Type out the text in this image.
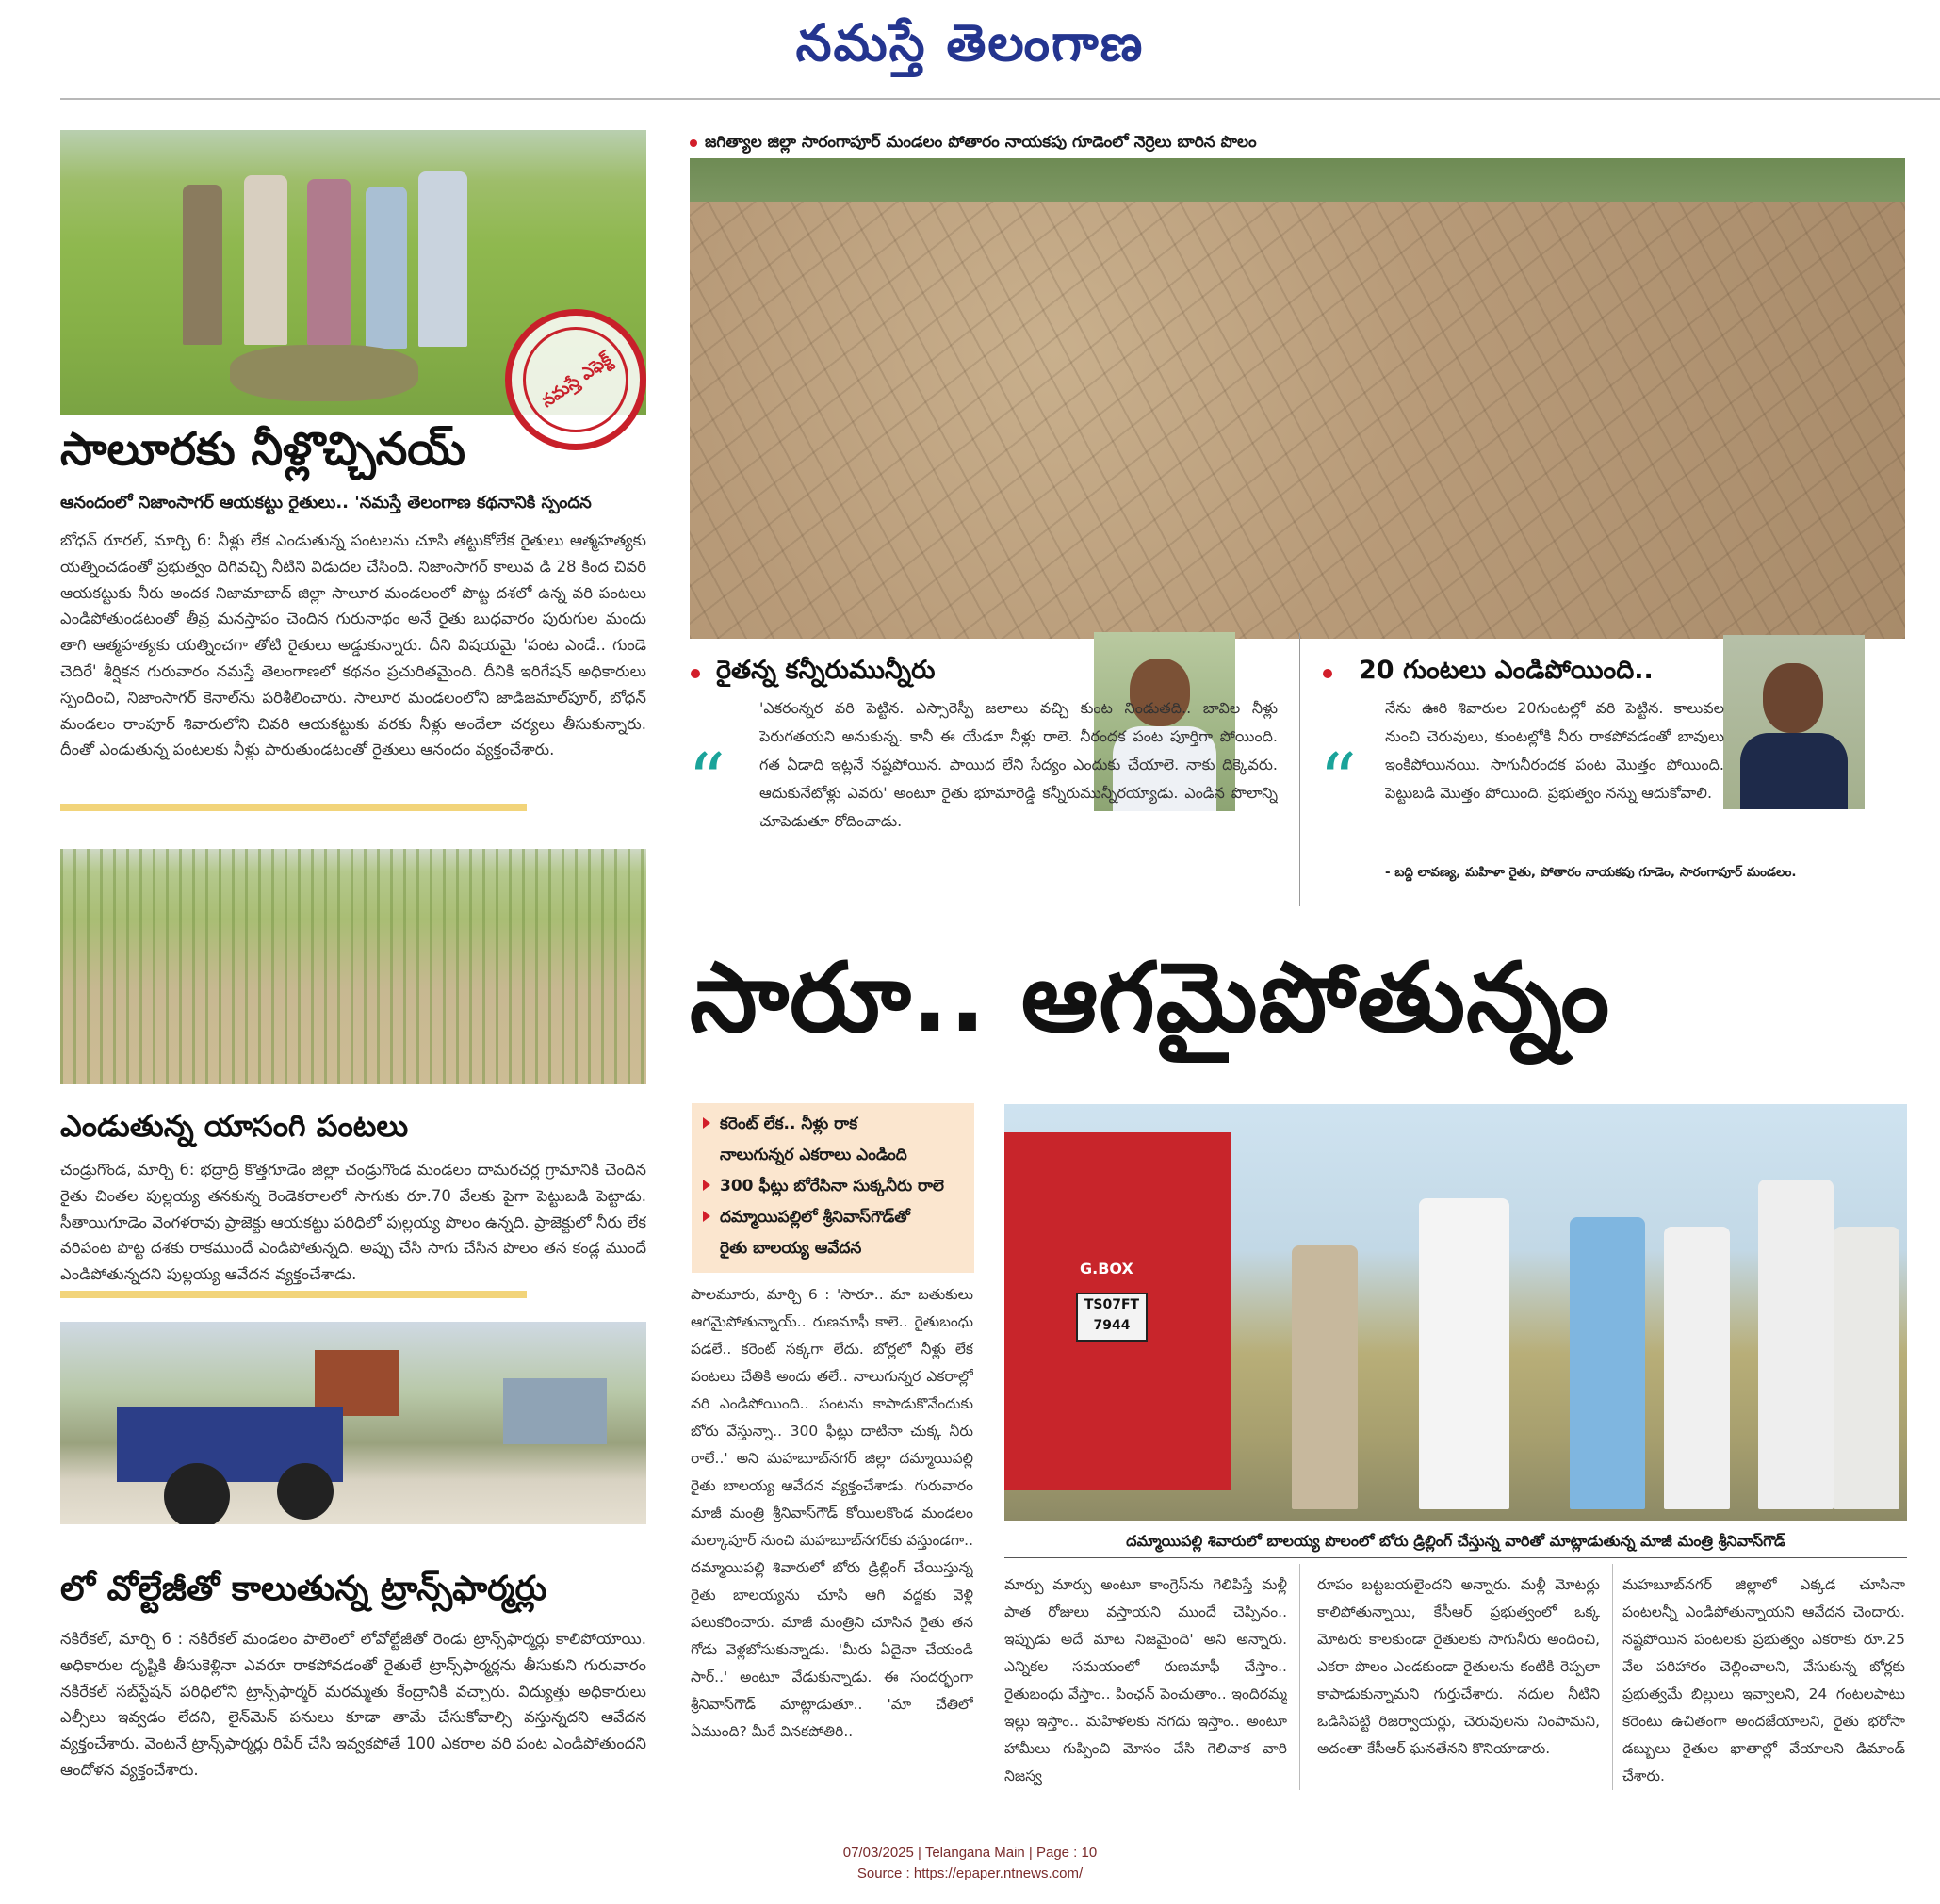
నమస్తే తెలంగాణ
నమస్తే ఎఫెక్ట్
సాలూరకు నీళ్లొచ్చినయ్
ఆనందంలో నిజాంసాగర్ ఆయకట్టు రైతులు.. 'నమస్తే తెలంగాణ కథనానికి స్పందన
బోధన్ రూరల్, మార్చి 6: నీళ్లు లేక ఎండుతున్న పంటలను చూసి తట్టుకోలేక రైతులు ఆత్మహత్యకు యత్నించడంతో ప్రభుత్వం దిగివచ్చి నీటిని విడుదల చేసింది. నిజాంసాగర్ కాలువ డి 28 కింద చివరి ఆయకట్టుకు నీరు అందక నిజామాబాద్ జిల్లా సాలూర మండలంలో పొట్ట దశలో ఉన్న వరి పంటలు ఎండిపోతుండటంతో తీవ్ర మనస్తాపం చెందిన గురునాథం అనే రైతు బుధవారం పురుగుల మందు తాగి ఆత్మహత్యకు యత్నించగా తోటి రైతులు అడ్డుకున్నారు. దీని విషయమై 'పంట ఎండే.. గుండె చెదిరే' శీర్షికన గురువారం నమస్తే తెలంగాణలో కథనం ప్రచురితమైంది. దీనికి ఇరిగేషన్ అధికారులు స్పందించి, నిజాంసాగర్ కెనాల్‌ను పరిశీలించారు. సాలూర మండలంలోని జాడిజమాల్‌పూర్, బోధన్ మండలం రాంపూర్ శివారులోని చివరి ఆయకట్టుకు వరకు నీళ్లు అందేలా చర్యలు తీసుకున్నారు. దీంతో ఎండుతున్న పంటలకు నీళ్లు పారుతుండటంతో రైతులు ఆనందం వ్యక్తంచేశారు.
ఎండుతున్న యాసంగి పంటలు
చండ్రుగొండ, మార్చి 6: భద్రాద్రి కొత్తగూడెం జిల్లా చండ్రుగొండ మండలం దామరచర్ల గ్రామానికి చెందిన రైతు చింతల పుల్లయ్య తనకున్న రెండెకరాలలో సాగుకు రూ.70 వేలకు పైగా పెట్టుబడి పెట్టాడు. సీతాయిగూడెం వెంగళరావు ప్రాజెక్టు ఆయకట్టు పరిధిలో పుల్లయ్య పొలం ఉన్నది. ప్రాజెక్టులో నీరు లేక వరిపంట పొట్ట దశకు రాకముందే ఎండిపోతున్నది. అప్పు చేసి సాగు చేసిన పొలం తన కండ్ల ముందే ఎండిపోతున్నదని పుల్లయ్య ఆవేదన వ్యక్తంచేశాడు.
లో వోల్టేజీతో కాలుతున్న ట్రాన్స్‌ఫార్మర్లు
నకిరేకల్, మార్చి 6 : నకిరేకల్ మండలం పాలెంలో లోవోల్టేజీతో రెండు ట్రాన్స్‌ఫార్మర్లు కాలిపోయాయి. అధికారుల దృష్టికి తీసుకెళ్లినా ఎవరూ రాకపోవడంతో రైతులే ట్రాన్స్‌ఫార్మర్లను తీసుకుని గురువారం నకిరేకల్ సబ్‌స్టేషన్ పరిధిలోని ట్రాన్స్‌ఫార్మర్ మరమ్మతు కేంద్రానికి వచ్చారు. విద్యుత్తు అధికారులు ఎల్సీలు ఇవ్వడం లేదని, లైన్‌మెన్ పనులు కూడా తామే చేసుకోవాల్సి వస్తున్నదని ఆవేదన వ్యక్తంచేశారు. వెంటనే ట్రాన్స్‌ఫార్మర్లు రిపేర్ చేసి ఇవ్వకపోతే 100 ఎకరాల వరి పంట ఎండిపోతుందని ఆందోళన వ్యక్తంచేశారు.
జగిత్యాల జిల్లా సారంగాపూర్ మండలం పోతారం నాయకపు గూడెంలో నెర్రెలు బారిన పొలం
రైతన్న కన్నీరుమున్నీరు
“
'ఎకరంన్నర వరి పెట్టిన. ఎస్సారెస్పీ జలాలు వచ్చి కుంట నిండుతది.. బావిల నీళ్లు పెరుగతయని అనుకున్న. కానీ ఈ యేడూ నీళ్లు రాలె. నీరందక పంట పూర్తిగా పోయింది. గత ఏడాది ఇట్లనే నష్టపోయిన. పాయిద లేని సేద్యం ఎందుకు చేయాలె. నాకు దిక్కెవరు. ఆదుకునేటోళ్లు ఎవరు' అంటూ రైతు భూమారెడ్డి కన్నీరుమున్నీరయ్యాడు. ఎండిన పొలాన్ని చూపెడుతూ రోదించాడు.
20 గుంటలు ఎండిపోయింది..
“
నేను ఊరి శివారుల 20గుంటల్లో వరి పెట్టిన. కాలువల నుంచి చెరువులు, కుంటల్లోకి నీరు రాకపోవడంతో బావులు ఇంకిపోయినయి. సాగునీరందక పంట మొత్తం పోయింది. పెట్టుబడి మొత్తం పోయింది. ప్రభుత్వం నన్ను ఆదుకోవాలి.
- బద్ది లావణ్య, మహిళా రైతు, పోతారం నాయకపు గూడెం, సారంగాపూర్ మండలం.
సారూ.. ఆగమైపోతున్నం
కరెంట్ లేక.. నీళ్లు రాక
నాలుగున్నర ఎకరాలు ఎండింది
300 ఫీట్లు బోరేసినా సుక్కనీరు రాలె
దమ్మాయిపల్లిలో శ్రీనివాస్‌గౌడ్‌తో
రైతు బాలయ్య ఆవేదన
G.BOX
TS07FT 7944
దమ్మాయిపల్లి శివారులో బాలయ్య పొలంలో బోరు డ్రిల్లింగ్ చేస్తున్న వారితో మాట్లాడుతున్న మాజీ మంత్రి శ్రీనివాస్‌గౌడ్
పాలమూరు, మార్చి 6 : 'సారూ.. మా బతుకులు ఆగమైపోతున్నాయ్.. రుణమాఫీ కాలె.. రైతుబంధు పడలే.. కరెంట్ సక్కగా లేదు. బోర్లలో నీళ్లు లేక పంటలు చేతికి అందు తలే.. నాలుగున్నర ఎకరాల్లో వరి ఎండిపోయింది.. పంటను కాపాడుకొనేందుకు బోరు వేస్తున్నా.. 300 ఫీట్లు దాటినా చుక్క నీరు రాలే..' అని మహబూబ్‌నగర్ జిల్లా దమ్మాయిపల్లి రైతు బాలయ్య ఆవేదన వ్యక్తంచేశాడు. గురువారం మాజీ మంత్రి శ్రీనివాస్‌గౌడ్ కోయిలకొండ మండలం మల్కాపూర్ నుంచి మహబూబ్‌నగర్‌కు వస్తుండగా.. దమ్మాయిపల్లి శివారులో బోరు డ్రిల్లింగ్ చేయిస్తున్న రైతు బాలయ్యను చూసి ఆగి వద్దకు వెళ్లి పలుకరించారు. మాజీ మంత్రిని చూసిన రైతు తన గోడు వెళ్లబోసుకున్నాడు. 'మీరు ఏదైనా చేయండి సార్..' అంటూ వేడుకున్నాడు. ఈ సందర్భంగా శ్రీనివాస్‌గౌడ్ మాట్లాడుతూ.. 'మా చేతిలో ఏముంది? మీరే వినకపోతిరి..
మార్పు మార్పు అంటూ కాంగ్రెస్‌ను గెలిపిస్తే మళ్లీ పాత రోజులు వస్తాయని ముందే చెప్పినం.. ఇప్పుడు అదే మాట నిజమైంది' అని అన్నారు. ఎన్నికల సమయంలో రుణమాఫీ చేస్తాం.. రైతుబంధు వేస్తాం.. పింఛన్ పెంచుతాం.. ఇందిరమ్మ ఇల్లు ఇస్తాం.. మహిళలకు నగదు ఇస్తాం.. అంటూ హామీలు గుప్పించి మోసం చేసి గెలిచాక వారి నిజస్వ
రూపం బట్టబయలైందని అన్నారు. మళ్లీ మోటర్లు కాలిపోతున్నాయి, కేసీఆర్ ప్రభుత్వంలో ఒక్క మోటరు కాలకుండా రైతులకు సాగునీరు అందించి, ఎకరా పొలం ఎండకుండా రైతులను కంటికి రెప్పలా కాపాడుకున్నామని గుర్తుచేశారు. నదుల నీటిని ఒడిసిపట్టి రిజర్వాయర్లు, చెరువులను నింపామని, అదంతా కేసీఆర్ ఘనతేనని కొనియాడారు.
మహబూబ్‌నగర్ జిల్లాలో ఎక్కడ చూసినా పంటలన్నీ ఎండిపోతున్నాయని ఆవేదన చెందారు. నష్టపోయిన పంటలకు ప్రభుత్వం ఎకరాకు రూ.25 వేల పరిహారం చెల్లించాలని, వేసుకున్న బోర్లకు ప్రభుత్వమే బిల్లులు ఇవ్వాలని, 24 గంటలపాటు కరెంటు ఉచితంగా అందజేయాలని, రైతు భరోసా డబ్బులు రైతుల ఖాతాల్లో వేయాలని డిమాండ్ చేశారు.
07/03/2025 | Telangana Main | Page : 10
Source : https://epaper.ntnews.com/
